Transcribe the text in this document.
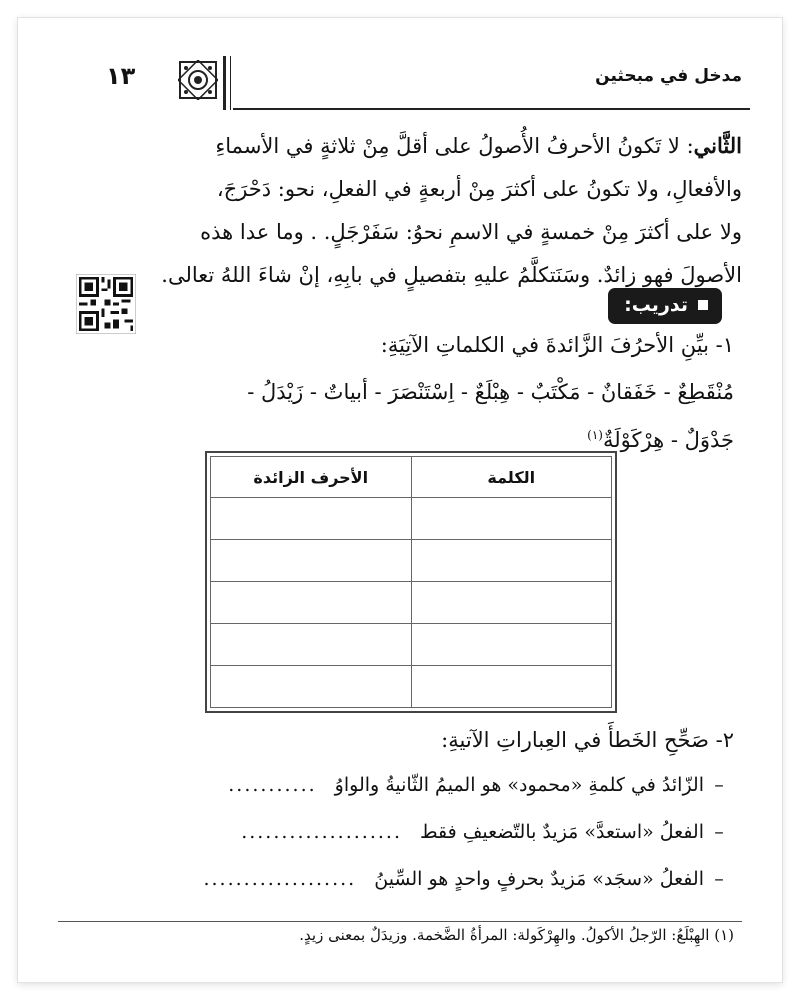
مدخل في مبحثين
١٣
الثَّاني: لا تَكونُ الأحرفُ الأُصولُ على أقلَّ مِنْ ثلاثةٍ في الأسماءِ
والأفعالِ، ولا تكونُ على أكثرَ مِنْ أربعةٍ في الفعلِ، نحو: دَحْرَجَ،
ولا على أكثرَ مِنْ خمسةٍ في الاسمِ نحوُ: سَفَرْجَلٍ. . وما عدا هذه
الأصولَ فهو زائدٌ. وسَنَتكلَّمُ عليهِ بتفصيلٍ في بابِهِ، إنْ شاءَ اللهُ تعالى.
تدريب:
١- بيِّنِ الأحرُفَ الزَّائدةَ في الكلماتِ الآتِيَةِ:
مُنْقَطِعٌ - خَفَقانٌ - مَكْتَبٌ - هِبْلَعٌ - اِسْتَنْصَرَ - أبياتٌ - زَيْدَلُ -
جَدْوَلٌ - هِرْكَوْلَةٌ$^{(١)}$
الكلمة	الأحرف الزائدة

٢- صَحِّحِ الخَطأَ في العِباراتِ الآتيةِ:
–
الزّائدُ في كلمةِ «محمود» هو الميمُ الثّانيةُ والواوُ
...........
–
الفعلُ «استعدَّ» مَزيدٌ بالتّضعيفِ فقط
....................
–
الفعلُ «سجَد» مَزيدٌ بحرفٍ واحدٍ هو السِّينُ
...................
(١) الهِبْلَعُ: الرّجلُ الأكولُ. والهِرْكَولة: المرأةُ الضَّخمة. وزيدَلٌ بمعنى زيدٍ.
